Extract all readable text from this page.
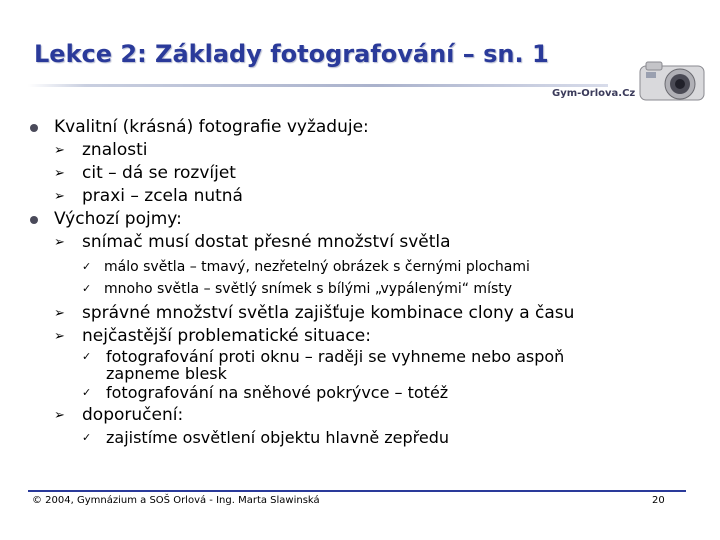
Lekce 2: Základy fotografování – sn. 1
Gym-Orlova.Cz
Kvalitní (krásná) fotografie vyžaduje:
➢ znalosti
➢ cit – dá se rozvíjet
➢ praxi – zcela nutná
Výchozí pojmy:
➢ snímač musí dostat přesné množství světla
✓ málo světla – tmavý, nezřetelný obrázek s černými plochami
✓ mnoho světla – světlý snímek s bílými „vypálenými“ místy
➢ správné množství světla zajišťuje kombinace clony a času
➢ nejčastější problematické situace:
✓ fotografování proti oknu – raději se vyhneme nebo aspoň
zapneme blesk
✓ fotografování na sněhové pokrývce – totéž
➢ doporučení:
✓ zajistíme osvětlení objektu hlavně zepředu
© 2004, Gymnázium a SOŠ Orlová - Ing. Marta Slawinská	20
